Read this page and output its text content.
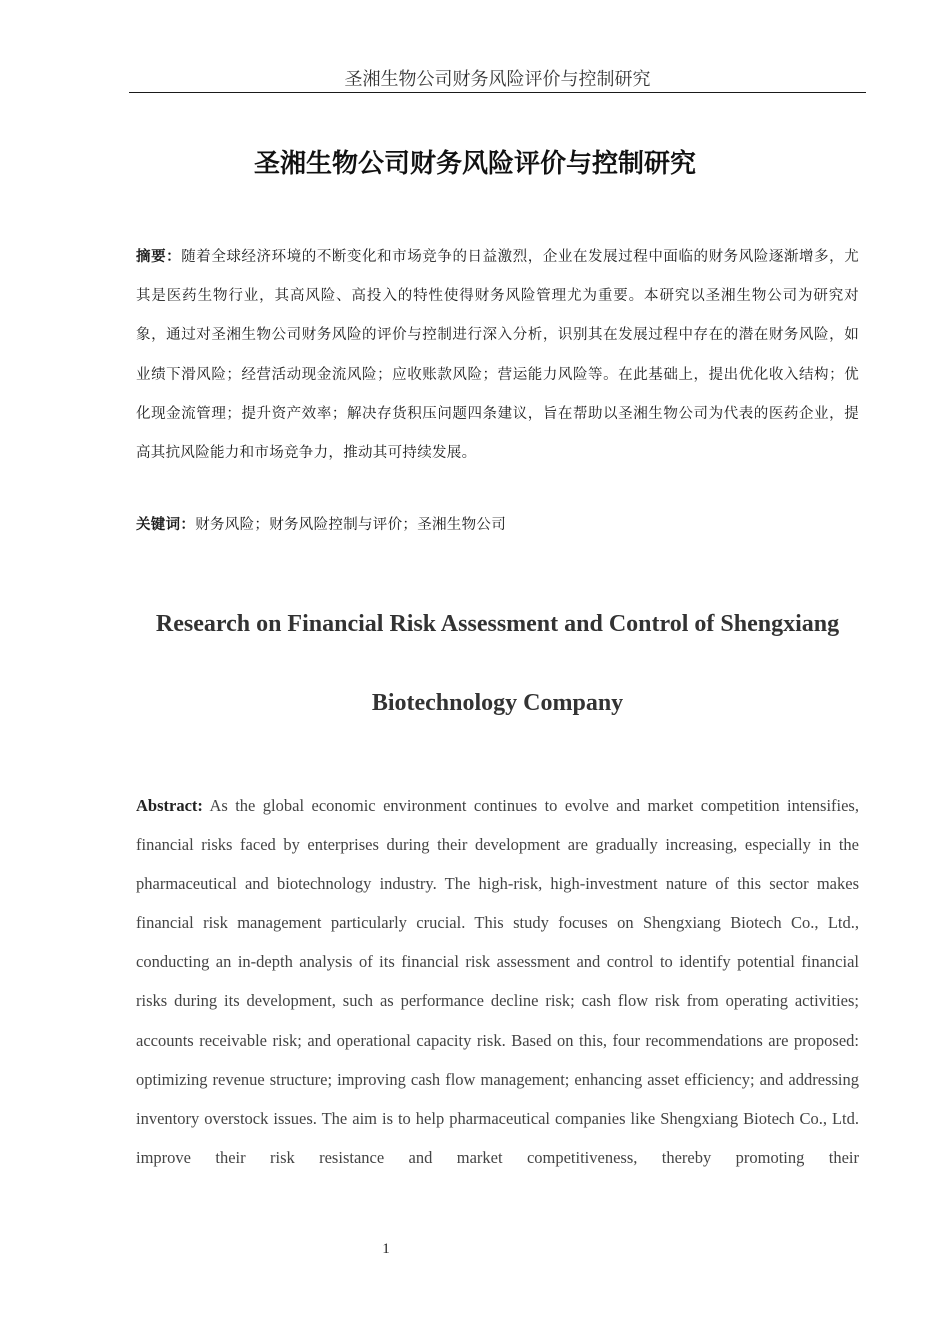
圣湘生物公司财务风险评价与控制研究
圣湘生物公司财务风险评价与控制研究

摘要：随着全球经济环境的不断变化和市场竞争的日益激烈，企业在发展过程中面临的财务风险逐渐增多，尤其是医药生物行业，其高风险、高投入的特性使得财务风险管理尤为重要。本研究以圣湘生物公司为研究对象，通过对圣湘生物公司财务风险的评价与控制进行深入分析，识别其在发展过程中存在的潜在财务风险，如业绩下滑风险；经营活动现金流风险；应收账款风险；营运能力风险等。在此基础上，提出优化收入结构；优化现金流管理；提升资产效率；解决存货积压问题四条建议，旨在帮助以圣湘生物公司为代表的医药企业，提高其抗风险能力和市场竞争力，推动其可持续发展。

关键词：财务风险；财务风险控制与评价；圣湘生物公司

Research on Financial Risk Assessment and Control of Shengxiang Biotechnology Company

Abstract: As the global economic environment continues to evolve and market competition intensifies, financial risks faced by enterprises during their development are gradually increasing, especially in the pharmaceutical and biotechnology industry. The high-risk, high-investment nature of this sector makes financial risk management particularly crucial. This study focuses on Shengxiang Biotech Co., Ltd., conducting an in-depth analysis of its financial risk assessment and control to identify potential financial risks during its development, such as performance decline risk; cash flow risk from operating activities; accounts receivable risk; and operational capacity risk. Based on this, four recommendations are proposed: optimizing revenue structure; improving cash flow management; enhancing asset efficiency; and addressing inventory overstock issues. The aim is to help pharmaceutical companies like Shengxiang Biotech Co., Ltd. improve their risk resistance and market competitiveness, thereby promoting their

1
